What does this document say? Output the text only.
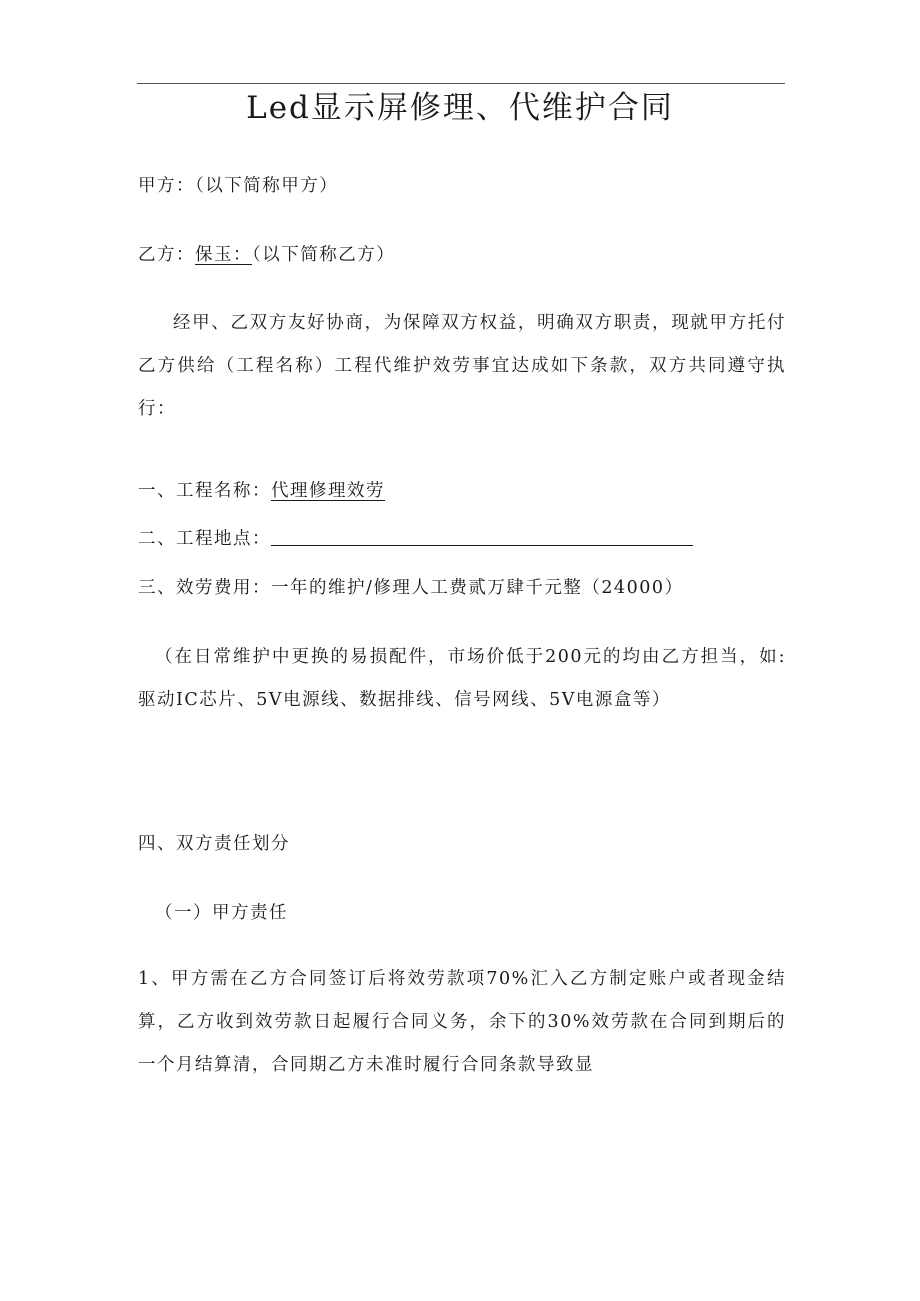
Led显示屏修理、代维护合同
甲方：（以下简称甲方）
乙方：保玉：（以下简称乙方）

经甲、乙双方友好协商，为保障双方权益，明确双方职责，现就甲方托付乙方供给（工程名称）工程代维护效劳事宜达成如下条款，双方共同遵守执行：

一、工程名称：代理修理效劳
二、工程地点：
三、效劳费用：一年的维护/修理人工费贰万肆千元整（24000）

（在日常维护中更换的易损配件，市场价低于200元的均由乙方担当，如:驱动IC芯片、5V电源线、数据排线、信号网线、5V电源盒等）

四、双方责任划分
（一）甲方责任

1、甲方需在乙方合同签订后将效劳款项70%汇入乙方制定账户或者现金结算，乙方收到效劳款日起履行合同义务，余下的30%效劳款在合同到期后的一个月结算清，合同期乙方未准时履行合同条款导致显
